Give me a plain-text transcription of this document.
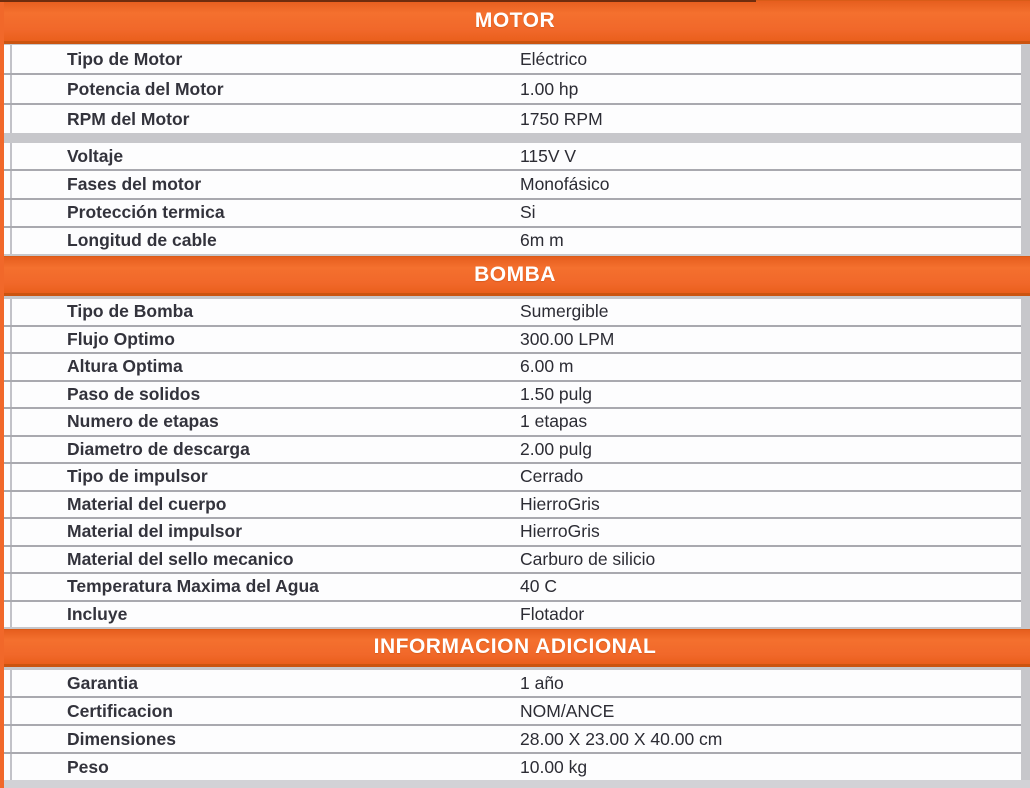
MOTOR
Tipo de Motor	Eléctrico
Potencia del Motor	1.00 hp
RPM del Motor	1750 RPM
Voltaje	115V V
Fases del motor	Monofásico
Protección termica	Si
Longitud de cable	6m m
BOMBA
Tipo de Bomba	Sumergible
Flujo Optimo	300.00 LPM
Altura Optima	6.00 m
Paso de solidos	1.50 pulg
Numero de etapas	1 etapas
Diametro de descarga	2.00 pulg
Tipo de impulsor	Cerrado
Material del cuerpo	HierroGris
Material del impulsor	HierroGris
Material del sello mecanico	Carburo de silicio
Temperatura Maxima del Agua	40 C
Incluye	Flotador
INFORMACION ADICIONAL
Garantia	1 año
Certificacion	NOM/ANCE
Dimensiones	28.00 X 23.00 X 40.00 cm
Peso	10.00 kg
